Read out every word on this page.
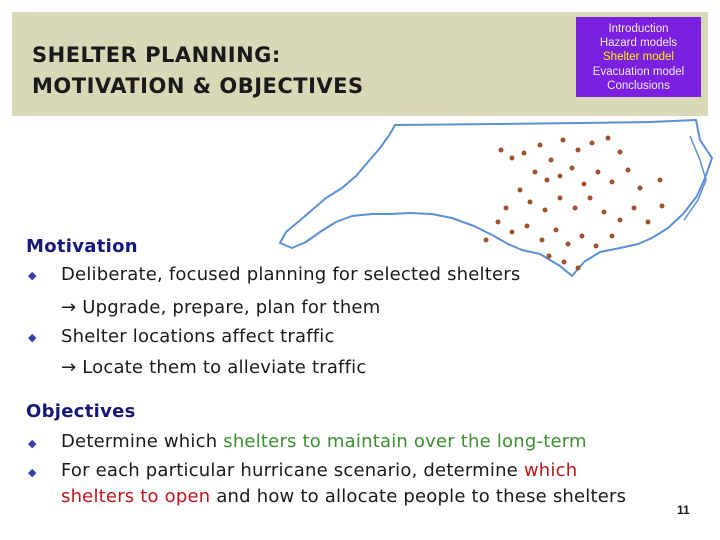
SHELTER PLANNING:
MOTIVATION & OBJECTIVES
Introduction
Hazard models
Shelter model
Evacuation model
Conclusions
Motivation
◆ Deliberate, focused planning for selected shelters
→ Upgrade, prepare, plan for them
◆ Shelter locations affect traffic
→ Locate them to alleviate traffic
Objectives
◆ Determine which shelters to maintain over the long-term
◆ For each particular hurricane scenario, determine which
shelters to open and how to allocate people to these shelters
11
